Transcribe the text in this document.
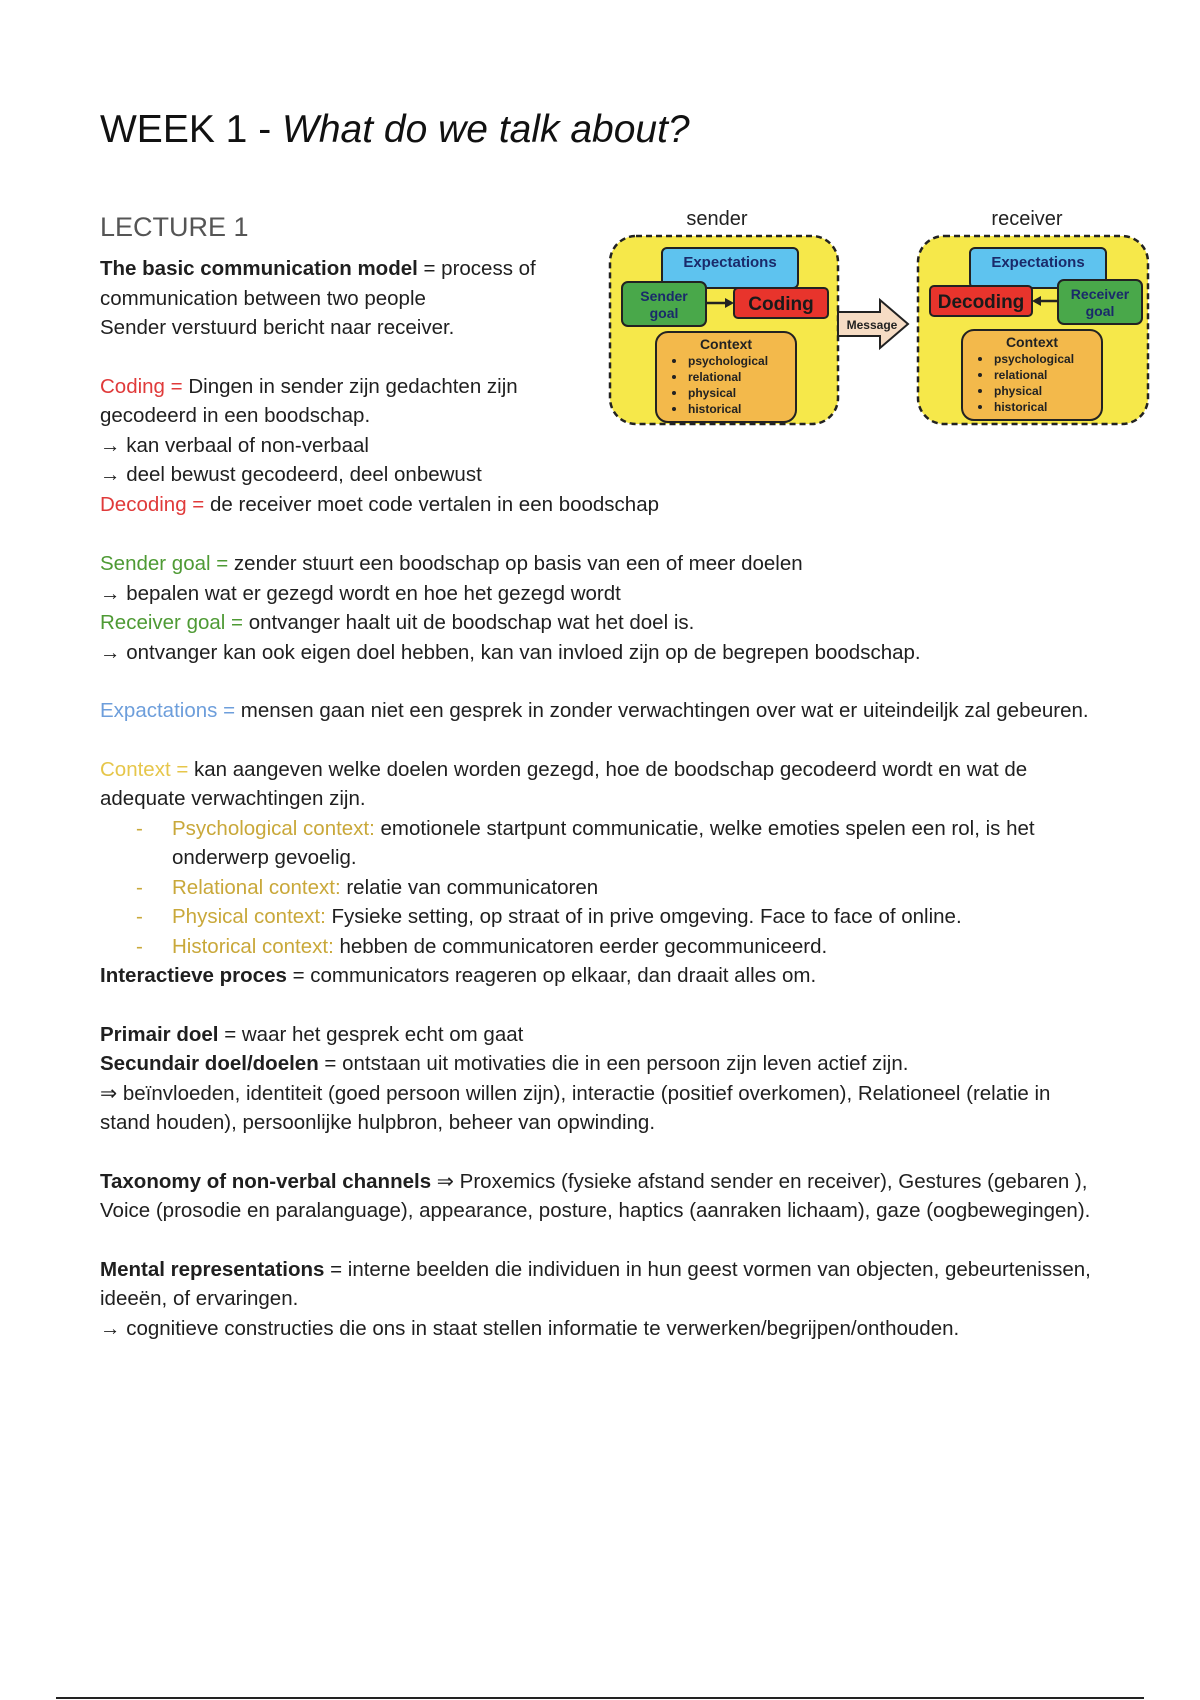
WEEK 1 - What do we talk about?
LECTURE 1

The basic communication model = process of communication between two people

Sender verstuurd bericht naar receiver.

Coding = Dingen in sender zijn gedachten zijn gecodeerd in een boodschap.

→ kan verbaal of non-verbaal

→ deel bewust gecodeerd, deel onbewust

Decoding = de receiver moet code vertalen in een boodschap

sender	receiver
Expectations
Sender
goal	Coding
Context
psychological
relational
physical
historical
Message
Expectations
Decoding	Receiver
goal
Context
psychological
relational
physical
historical

Sender goal = zender stuurt een boodschap op basis van een of meer doelen

→ bepalen wat er gezegd wordt en hoe het gezegd wordt

Receiver goal = ontvanger haalt uit de boodschap wat het doel is.

→ ontvanger kan ook eigen doel hebben, kan van invloed zijn op de begrepen boodschap.

Expactations = mensen gaan niet een gesprek in zonder verwachtingen over wat er uiteindeiljk zal gebeuren.

Context = kan aangeven welke doelen worden gezegd, hoe de boodschap gecodeerd wordt en wat de adequate verwachtingen zijn.

- Psychological context: emotionele startpunt communicatie, welke emoties spelen een rol, is het onderwerp gevoelig.
- Relational context: relatie van communicatoren
- Physical context: Fysieke setting, op straat of in prive omgeving. Face to face of online.
- Historical context: hebben de communicatoren eerder gecommuniceerd.

Interactieve proces = communicators reageren op elkaar, dan draait alles om.

Primair doel = waar het gesprek echt om gaat

Secundair doel/doelen = ontstaan uit motivaties die in een persoon zijn leven actief zijn.

⇒ beïnvloeden, identiteit (goed persoon willen zijn), interactie (positief overkomen), Relationeel (relatie in stand houden), persoonlijke hulpbron, beheer van opwinding.

Taxonomy of non-verbal channels ⇒ Proxemics (fysieke afstand sender en receiver), Gestures (gebaren ), Voice (prosodie en paralanguage), appearance, posture, haptics (aanraken lichaam), gaze (oogbewegingen).

Mental representations = interne beelden die individuen in hun geest vormen van objecten, gebeurtenissen, ideeën, of ervaringen.

→ cognitieve constructies die ons in staat stellen informatie te verwerken/begrijpen/onthouden.
